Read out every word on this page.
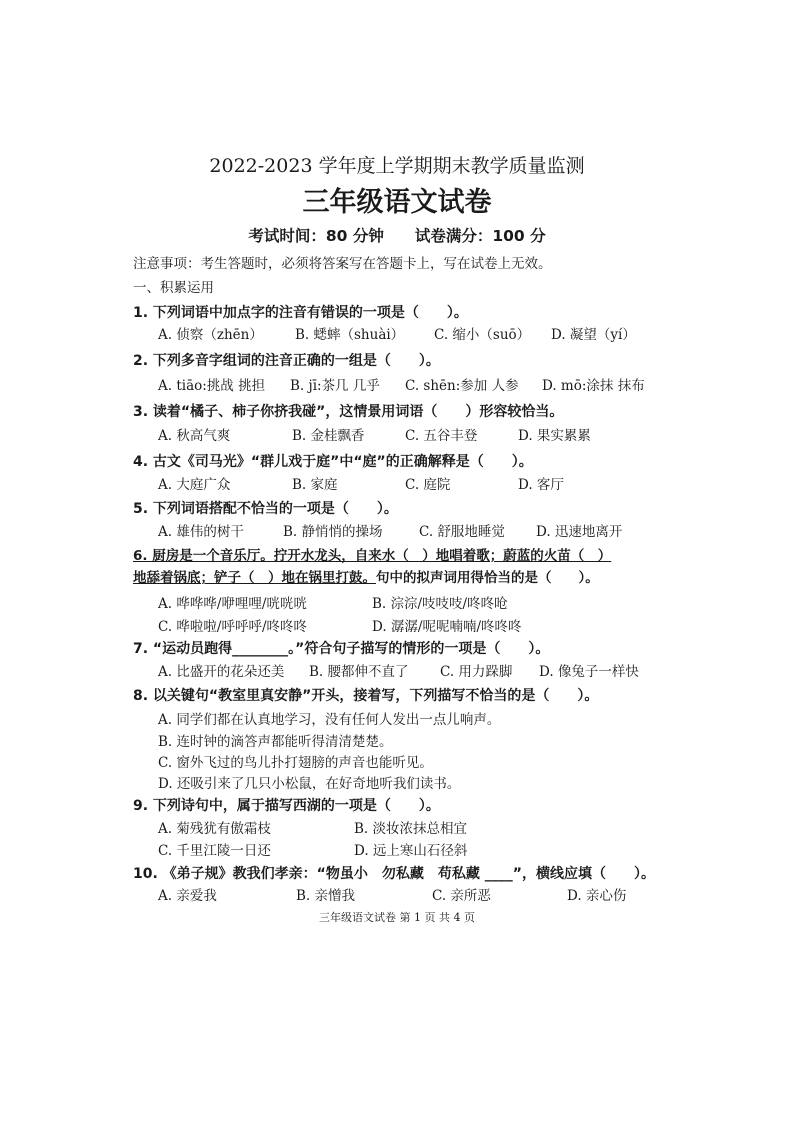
2022-2023 学年度上学期期末教学质量监测
三年级语文试卷
考试时间：80 分钟　　试卷满分：100 分
注意事项：考生答题时，必须将答案写在答题卡上，写在试卷上无效。
一、积累运用
1. 下列词语中加点字的注音有错误的一项是（　　）。
A. 侦察（zhēn） B. 蟋蟀（shuài） C. 缩小（suō） D. 凝望（yí）
2. 下列多音字组词的注音正确的一组是（　　）。
A. tiāo:挑战 挑担 B. jī:茶几 几乎 C. shēn:参加 人参 D. mō:涂抹 抹布
3. 读着“橘子、柿子你挤我碰”，这情景用词语（　　）形容较恰当。
A. 秋高气爽	B. 金桂飘香	C. 五谷丰登	D. 果实累累
4. 古文《司马光》“群儿戏于庭”中“庭”的正确解释是（　　）。
A. 大庭广众	B. 家庭	C. 庭院	D. 客厅
5. 下列词语搭配不恰当的一项是（　　）。
A. 雄伟的树干	B. 静悄悄的操场	C. 舒服地睡觉 D. 迅速地离开
6. 厨房是一个音乐厅。拧开水龙头，自来水（　）地唱着歌；蔚蓝的火苗（　）
地舔着锅底；铲子（　）地在锅里打鼓。句中的拟声词用得恰当的是（　　）。
A. 哗哗哗/咿哩哩/咣咣咣	B. 淙淙/吱吱吱/咚咚呛
C. 哗啦啦/呼呼呼/咚咚咚	D. 潺潺/呢呢喃喃/咚咚咚
7. “运动员跑得________。”符合句子描写的情形的一项是（　　）。
A. 比盛开的花朵还美 B. 腰都伸不直了 C. 用力跺脚 D. 像兔子一样快
8. 以关键句“教室里真安静”开头，接着写，下列描写不恰当的是（　　）。
A. 同学们都在认真地学习，没有任何人发出一点儿响声。
B. 连时钟的滴答声都能听得清清楚楚。
C. 窗外飞过的鸟儿扑打翅膀的声音也能听见。
D. 还吸引来了几只小松鼠，在好奇地听我们读书。
9. 下列诗句中，属于描写西湖的一项是（　　）。
A. 菊残犹有傲霜枝	B. 淡妆浓抹总相宜
C. 千里江陵一日还	D. 远上寒山石径斜
10. 《弟子规》教我们孝亲：“物虽小　勿私藏　苟私藏 ____”，横线应填（　　）。
A. 亲爱我	B. 亲憎我	C. 亲所恶	D. 亲心伤
三年级语文试卷 第 1 页 共 4 页
